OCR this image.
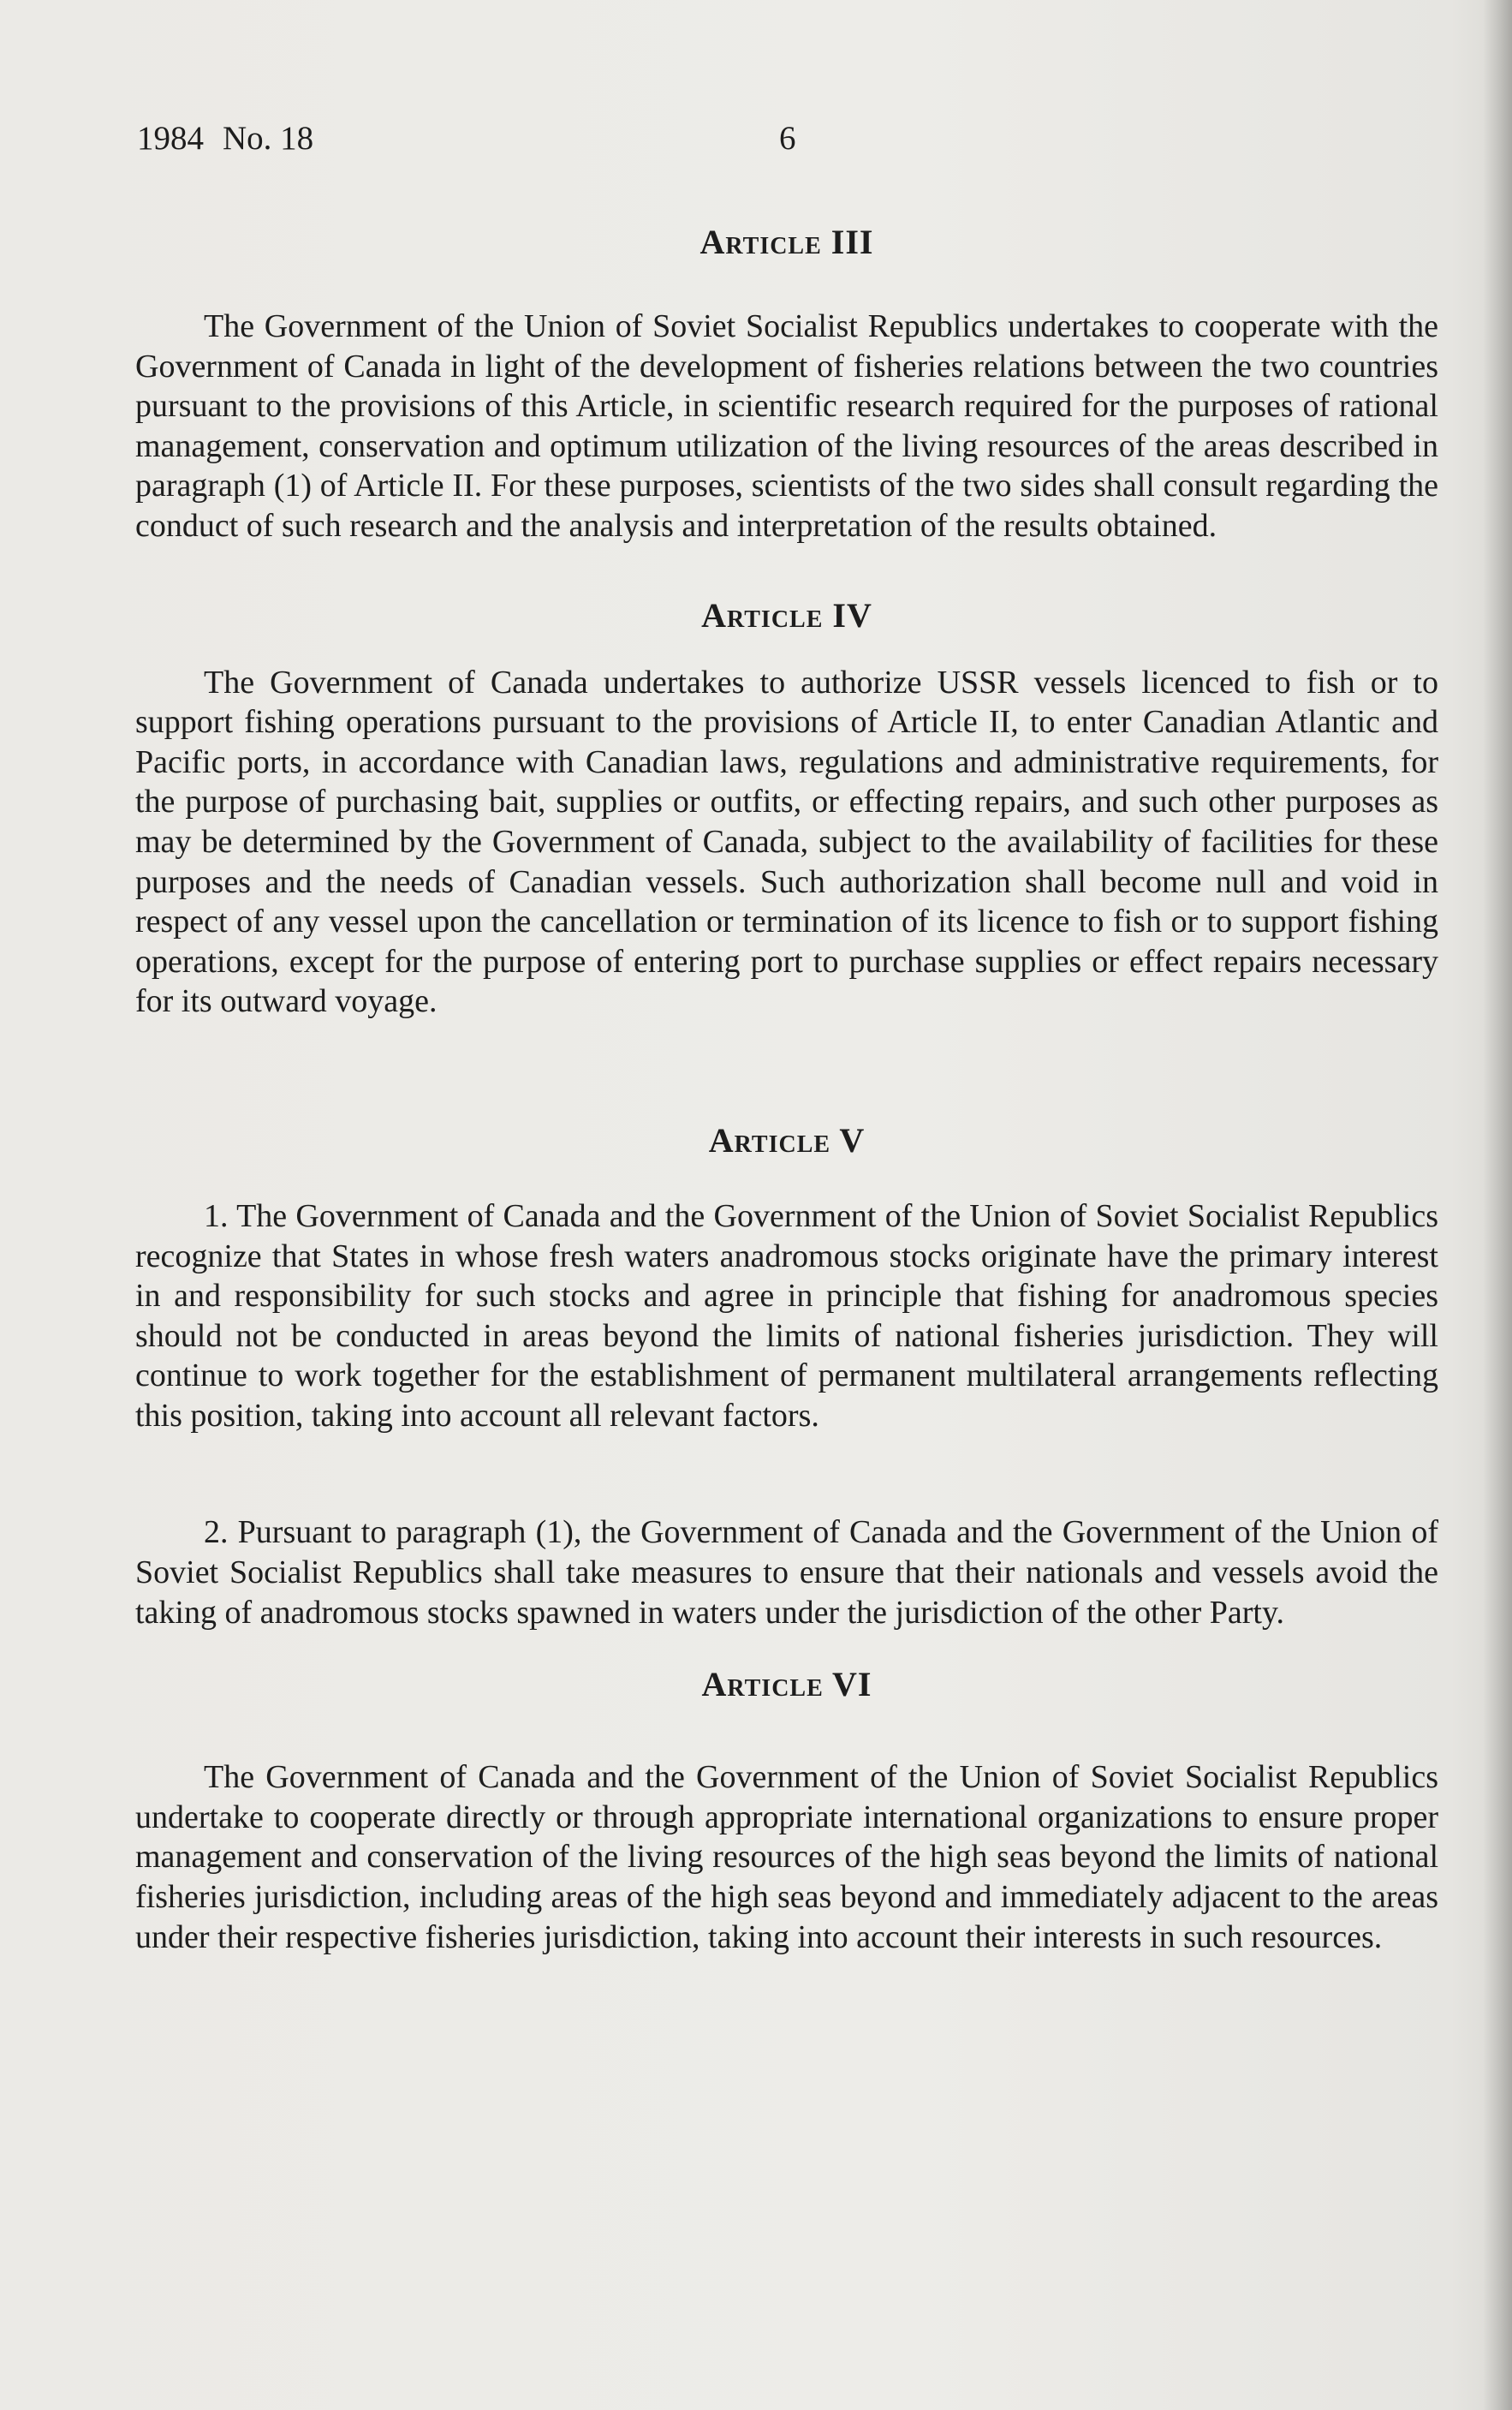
1984 No. 18	6
Article III

The Government of the Union of Soviet Socialist Republics undertakes to cooperate with the Government of Canada in light of the development of fisheries relations between the two countries pursuant to the provisions of this Article, in scientific research required for the purposes of rational management, conservation and optimum utilization of the living resources of the areas described in paragraph (1) of Article II. For these purposes, scientists of the two sides shall consult regarding the conduct of such research and the analysis and interpretation of the results obtained.

Article IV

The Government of Canada undertakes to authorize USSR vessels licenced to fish or to support fishing operations pursuant to the provisions of Article II, to enter Canadian Atlantic and Pacific ports, in accordance with Canadian laws, regulations and administrative requirements, for the purpose of purchasing bait, supplies or outfits, or effecting repairs, and such other purposes as may be determined by the Government of Canada, subject to the availability of facilities for these purposes and the needs of Canadian vessels. Such authorization shall become null and void in respect of any vessel upon the cancellation or termination of its licence to fish or to support fishing operations, except for the purpose of entering port to purchase supplies or effect repairs necessary for its outward voyage.

Article V

1. The Government of Canada and the Government of the Union of Soviet Socialist Republics recognize that States in whose fresh waters anadromous stocks originate have the primary interest in and responsibility for such stocks and agree in principle that fishing for anadromous species should not be conducted in areas beyond the limits of national fisheries jurisdiction. They will continue to work together for the establishment of permanent multilateral arrangements reflecting this position, taking into account all relevant factors.

2. Pursuant to paragraph (1), the Government of Canada and the Government of the Union of Soviet Socialist Republics shall take measures to ensure that their nationals and vessels avoid the taking of anadromous stocks spawned in waters under the jurisdiction of the other Party.

Article VI

The Government of Canada and the Government of the Union of Soviet Socialist Republics undertake to cooperate directly or through appropriate international organizations to ensure proper management and conservation of the living resources of the high seas beyond the limits of national fisheries jurisdiction, including areas of the high seas beyond and immediately adjacent to the areas under their respective fisheries jurisdiction, taking into account their interests in such resources.
